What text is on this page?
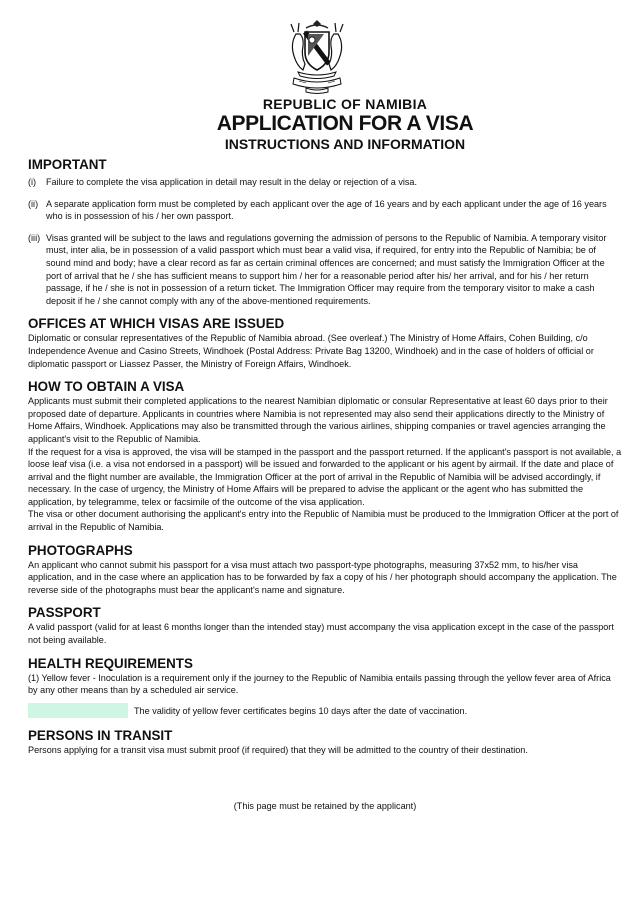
REPUBLIC OF NAMIBIA
APPLICATION FOR A VISA
INSTRUCTIONS AND INFORMATION
IMPORTANT
(i) Failure to complete the visa application in detail may result in the delay or rejection of a visa.
(ii) A separate application form must be completed by each applicant over the age of 16 years and by each applicant under the age of 16 years who is in possession of his / her own passport.
(iii) Visas granted will be subject to the laws and regulations governing the admission of persons to the Republic of Namibia. A temporary visitor must, inter alia, be in possession of a valid passport which must bear a valid visa, if required, for entry into the Republic of Namibia; be of sound mind and body; have a clear record as far as certain criminal offences are concerned; and must satisfy the Immigration Officer at the port of arrival that he / she has sufficient means to support him / her for a reasonable period after his/ her arrival, and for his / her return passage, if he / she is not in possession of a return ticket. The Immigration Officer may require from the temporary visitor to make a cash deposit if he / she cannot comply with any of the above-mentioned requirements.
OFFICES AT WHICH VISAS ARE ISSUED

Diplomatic or consular representatives of the Republic of Namibia abroad. (See overleaf.) The Ministry of Home Affairs, Cohen Building, c/o Independence Avenue and Casino Streets, Windhoek (Postal Address: Private Bag 13200, Windhoek) and in the case of holders of official or diplomatic passport or Liassez Passer, the Ministry of Foreign Affairs, Windhoek.

HOW TO OBTAIN A VISA

Applicants must submit their completed applications to the nearest Namibian diplomatic or consular Representative at least 60 days prior to their proposed date of departure. Applicants in countries where Namibia is not represented may also send their applications directly to the Ministry of Home Affairs, Windhoek. Applications may also be transmitted through the various airlines, shipping companies or travel agencies arranging the applicant's visit to the Republic of Namibia.

If the request for a visa is approved, the visa will be stamped in the passport and the passport returned. If the applicant's passport is not available, a loose leaf visa (i.e. a visa not endorsed in a passport) will be issued and forwarded to the applicant or his agent by airmail. If the date and place of arrival and the flight number are available, the Immigration Officer at the port of arrival in the Republic of Namibia will be advised accordingly, if necessary. In the case of urgency, the Ministry of Home Affairs will be prepared to advise the applicant or the agent who has submitted the application, by telegramme, telex or facsimile of the outcome of the visa application.

The visa or other document authorising the applicant's entry into the Republic of Namibia must be produced to the Immigration Officer at the port of arrival in the Republic of Namibia.

PHOTOGRAPHS

An applicant who cannot submit his passport for a visa must attach two passport-type photographs, measuring 37x52 mm, to his/her visa application, and in the case where an application has to be forwarded by fax a copy of his / her photograph should accompany the application. The reverse side of the photographs must bear the applicant's name and signature.

PASSPORT

A valid passport (valid for at least 6 months longer than the intended stay) must accompany the visa application except in the case of the passport not being available.

HEALTH REQUIREMENTS

(1) Yellow fever - Inoculation is a requirement only if the journey to the Republic of Namibia entails passing through the yellow fever area of Africa by any other means than by a scheduled air service.

The validity of yellow fever certificates begins 10 days after the date of vaccination.
PERSONS IN TRANSIT

Persons applying for a transit visa must submit proof (if required) that they will be admitted to the country of their destination.

(This page must be retained by the applicant)
